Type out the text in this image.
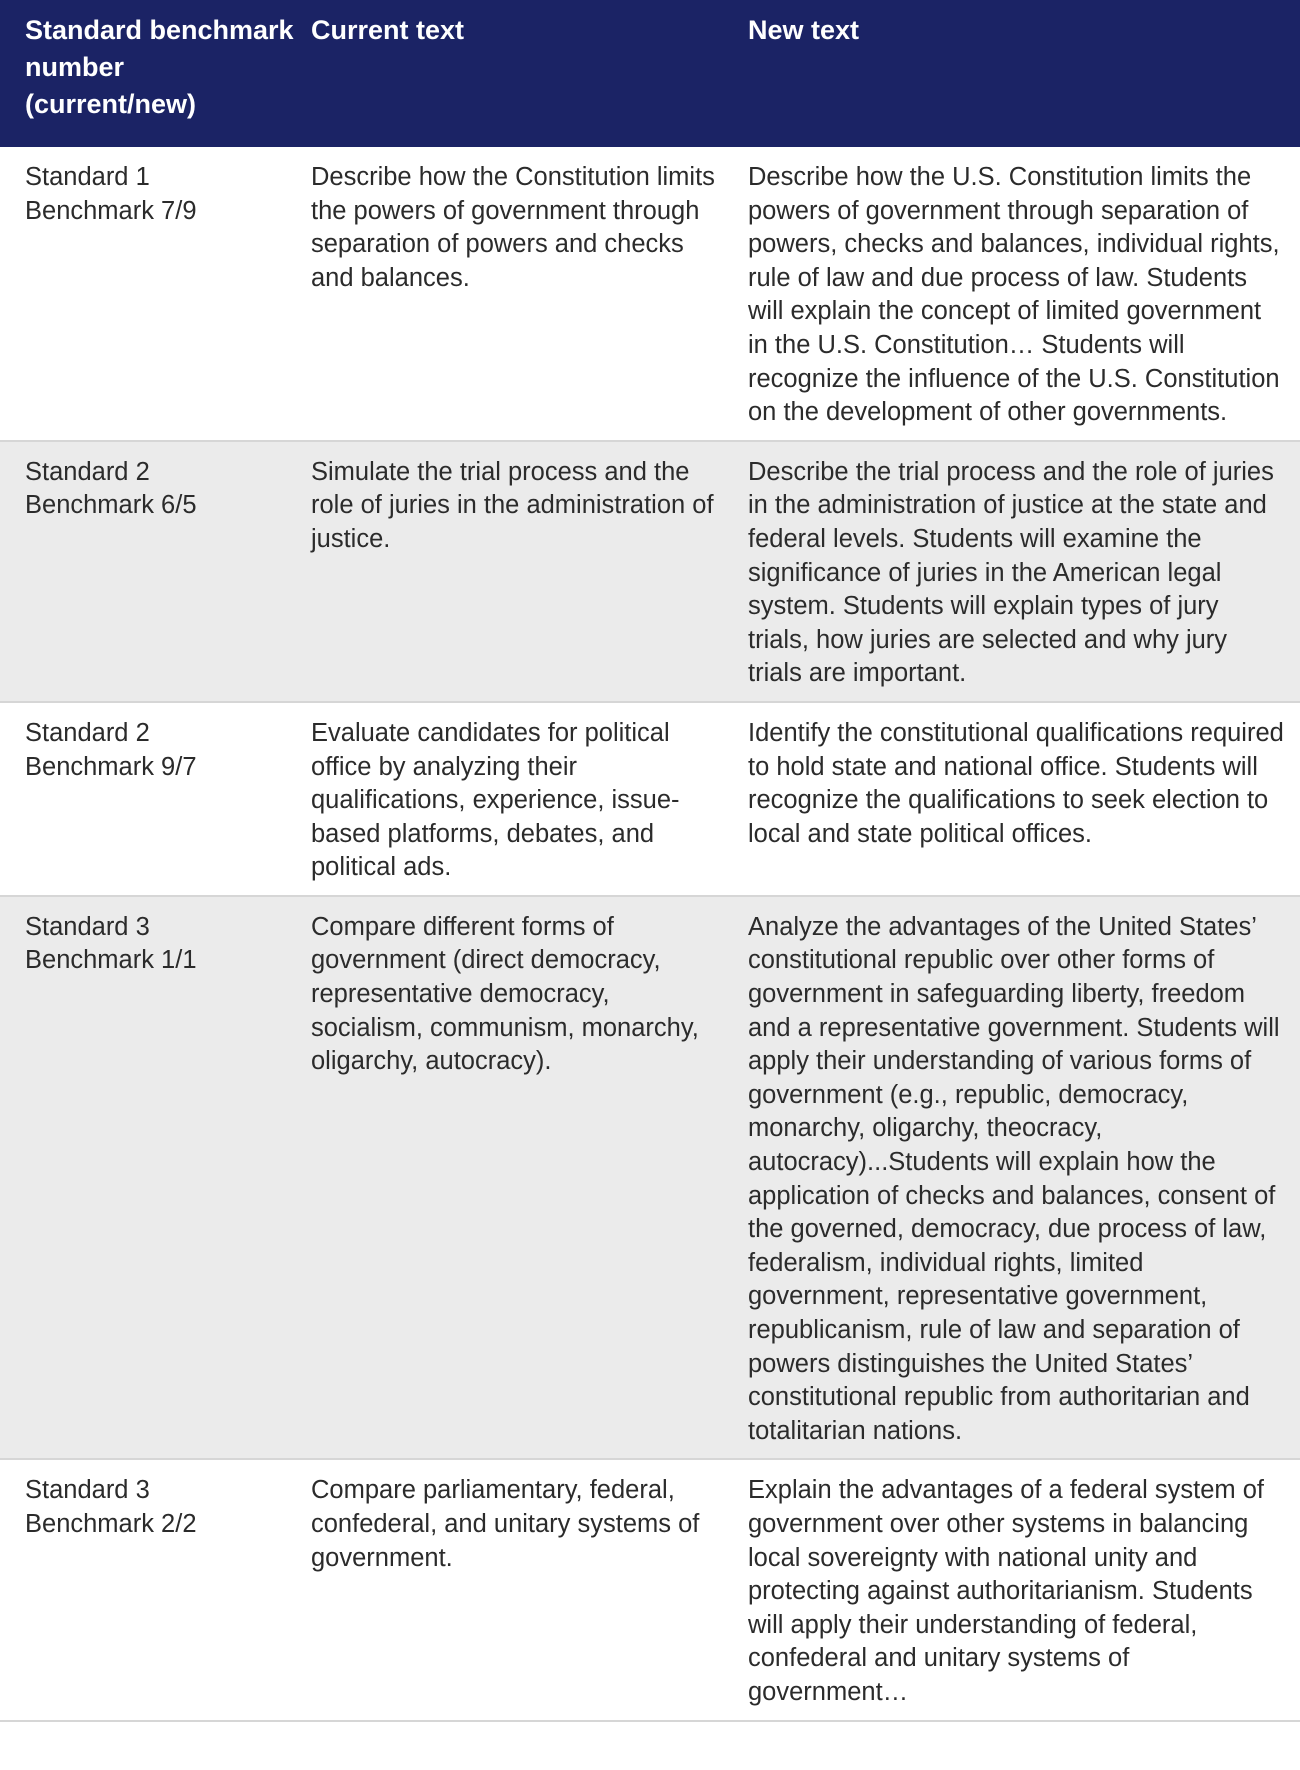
Standard benchmark number (current/new)	Current text	New text

Standard 1
Benchmark 7/9	Describe how the Constitution limits the powers of government through separation of powers and checks and balances.	Describe how the U.S. Constitution limits the powers of government through separation of powers, checks and balances, individual rights, rule of law and due process of law. Students will explain the concept of limited government in the U.S. Constitution… Students will recognize the influence of the U.S. Constitution on the development of other governments.

Standard 2
Benchmark 6/5	Simulate the trial process and the role of juries in the administration of justice.	Describe the trial process and the role of juries in the administration of justice at the state and federal levels. Students will examine the significance of juries in the American legal system. Students will explain types of jury trials, how juries are selected and why jury trials are important.

Standard 2
Benchmark 9/7	Evaluate candidates for political office by analyzing their qualifications, experience, issue-based platforms, debates, and political ads.	Identify the constitutional qualifications required to hold state and national office. Students will recognize the qualifications to seek election to local and state political offices.

Standard 3
Benchmark 1/1	Compare different forms of government (direct democracy, representative democracy, socialism, communism, monarchy, oligarchy, autocracy).	Analyze the advantages of the United States’ constitutional republic over other forms of government in safeguarding liberty, freedom and a representative government. Students will apply their understanding of various forms of government (e.g., republic, democracy, monarchy, oligarchy, theocracy, autocracy)...Students will explain how the application of checks and balances, consent of the governed, democracy, due process of law, federalism, individual rights, limited government, representative government, republicanism, rule of law and separation of powers distinguishes the United States’ constitutional republic from authoritarian and totalitarian nations.

Standard 3
Benchmark 2/2	Compare parliamentary, federal, confederal, and unitary systems of government.	Explain the advantages of a federal system of government over other systems in balancing local sovereignty with national unity and protecting against authoritarianism. Students will apply their understanding of federal, confederal and unitary systems of government…
